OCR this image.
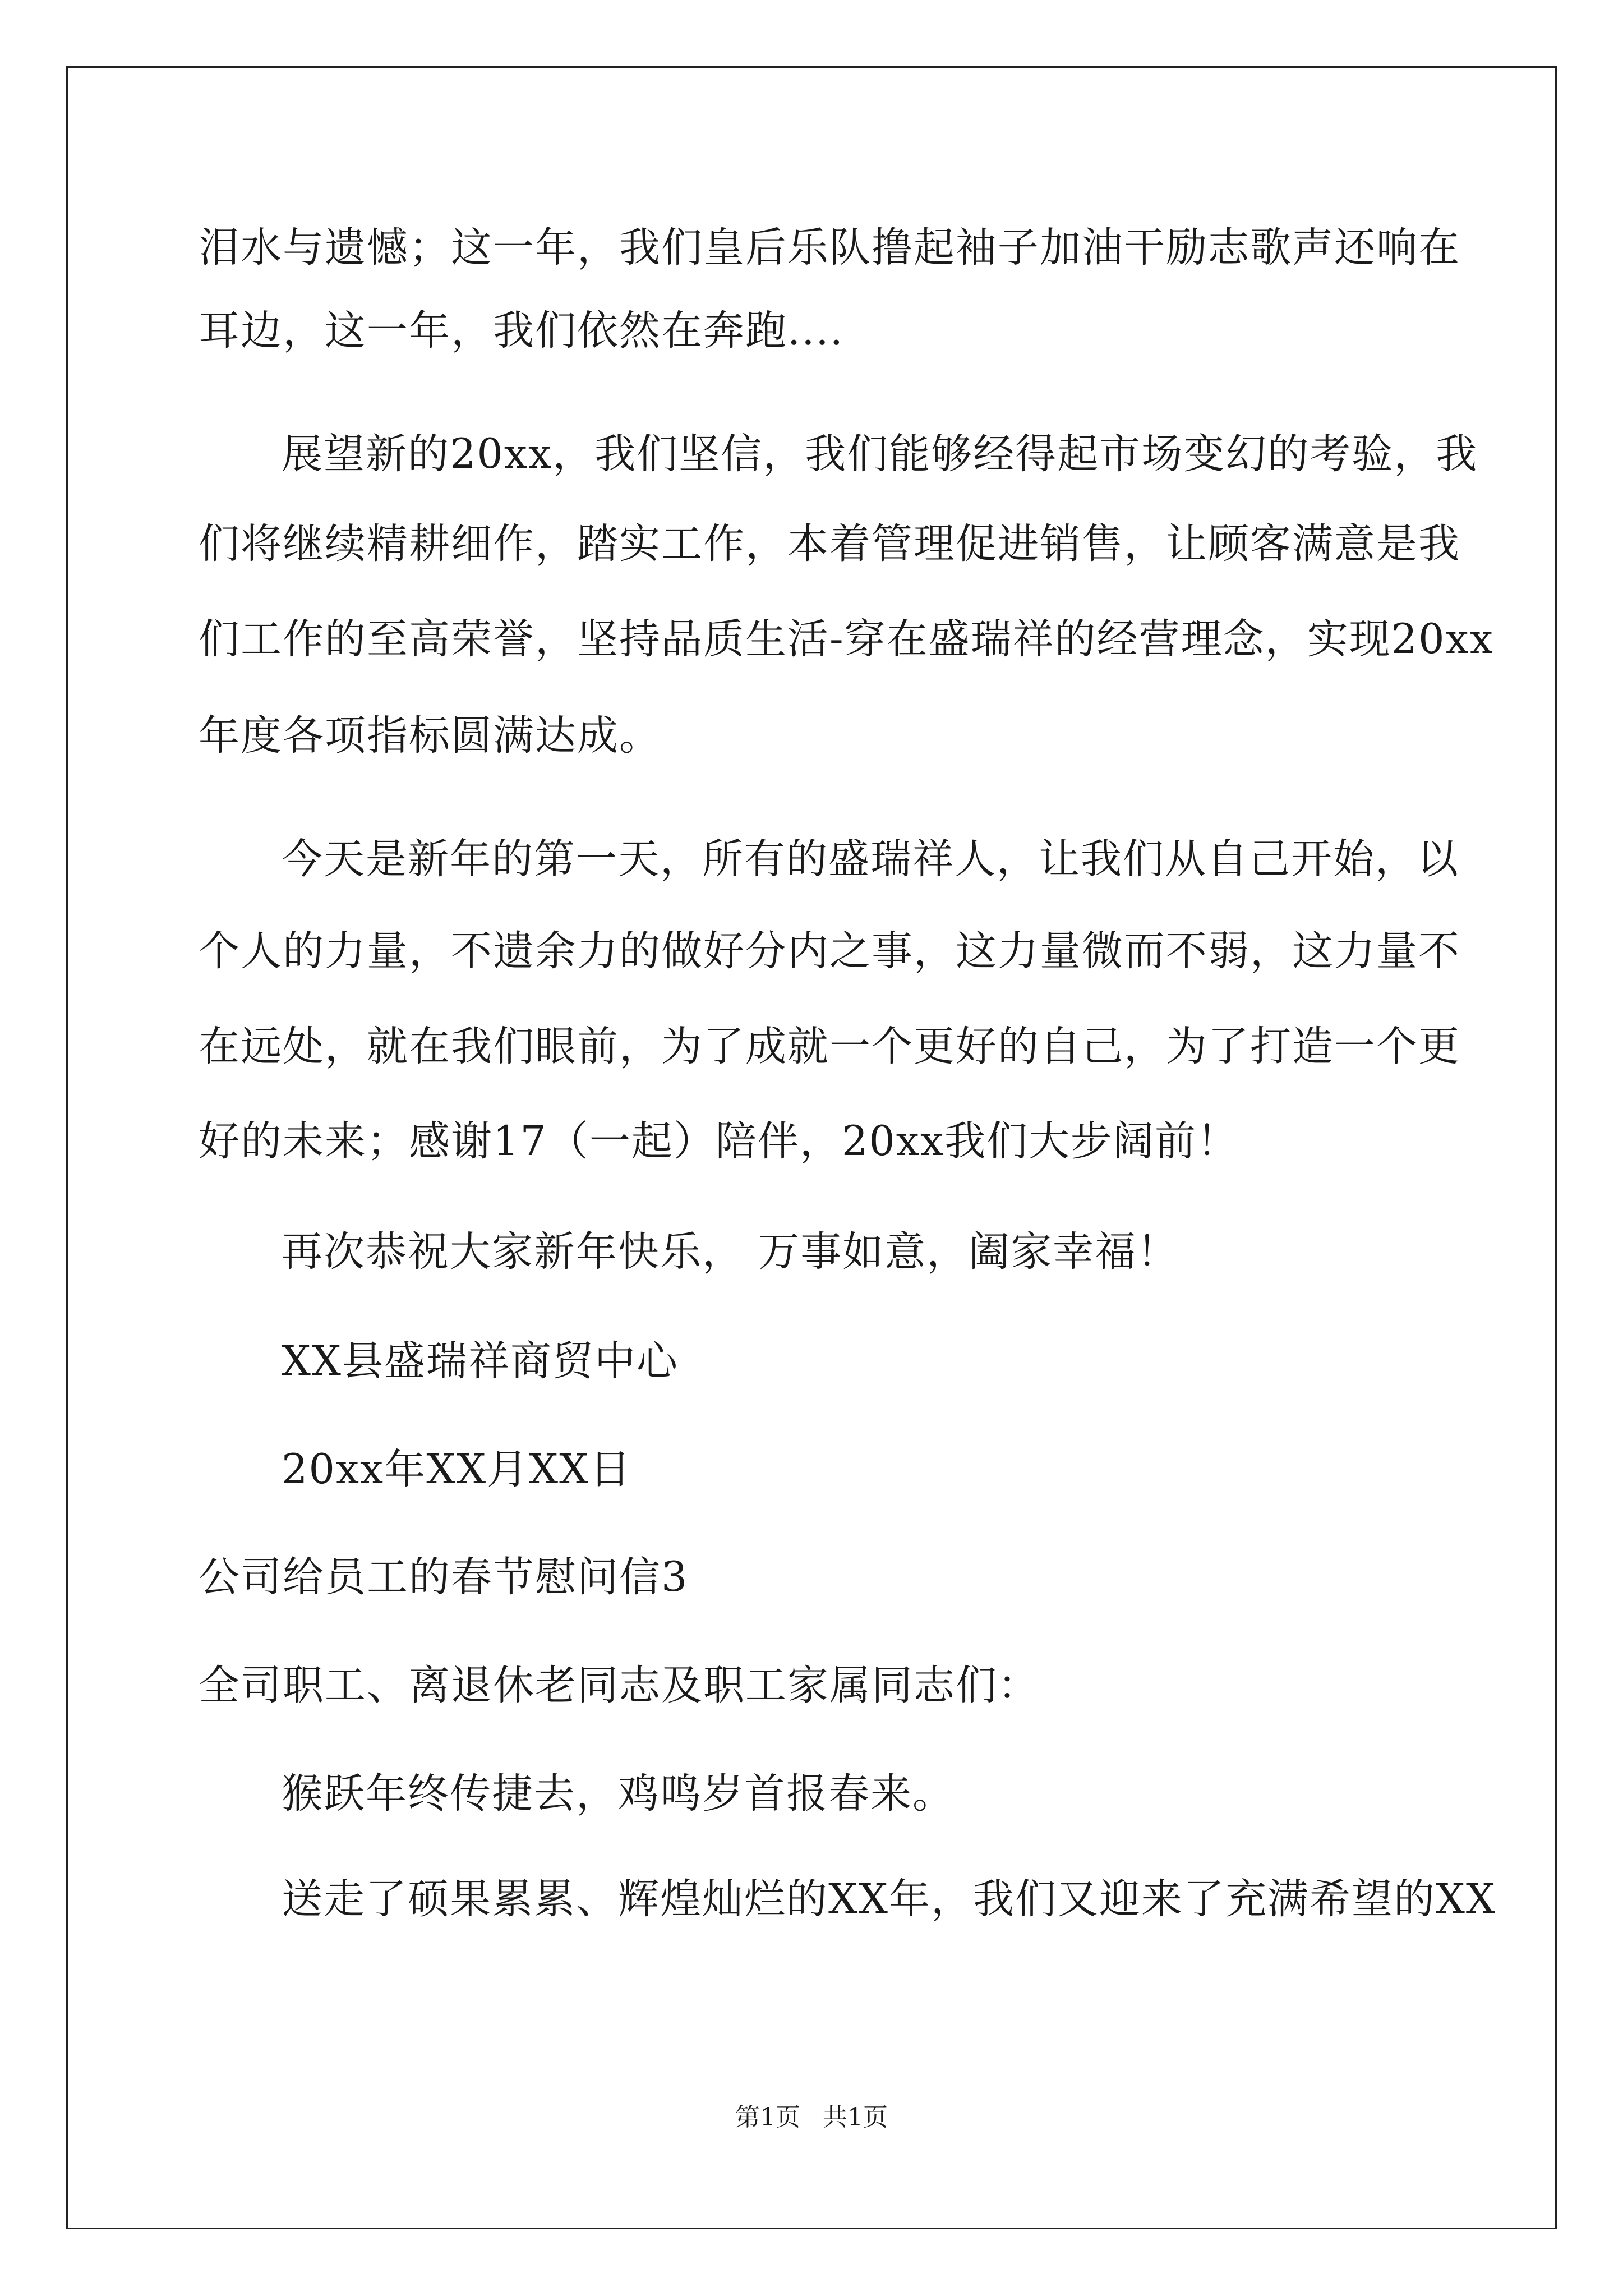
泪水与遗憾；这一年，我们皇后乐队撸起袖子加油干励志歌声还响在
耳边，这一年，我们依然在奔跑....
展望新的20xx，我们坚信，我们能够经得起市场变幻的考验，我
们将继续精耕细作，踏实工作，本着管理促进销售，让顾客满意是我
们工作的至高荣誉，坚持品质生活-穿在盛瑞祥的经营理念，实现20xx
年度各项指标圆满达成。
今天是新年的第一天，所有的盛瑞祥人，让我们从自己开始，以
个人的力量，不遗余力的做好分内之事，这力量微而不弱，这力量不
在远处，就在我们眼前，为了成就一个更好的自己，为了打造一个更
好的未来；感谢17（一起）陪伴，20xx我们大步阔前！
再次恭祝大家新年快乐， 万事如意，阖家幸福！
XX县盛瑞祥商贸中心
20xx年XX月XX日
公司给员工的春节慰问信3
全司职工、离退休老同志及职工家属同志们：
猴跃年终传捷去，鸡鸣岁首报春来。
送走了硕果累累、辉煌灿烂的XX年，我们又迎来了充满希望的XX
第1页 共1页
